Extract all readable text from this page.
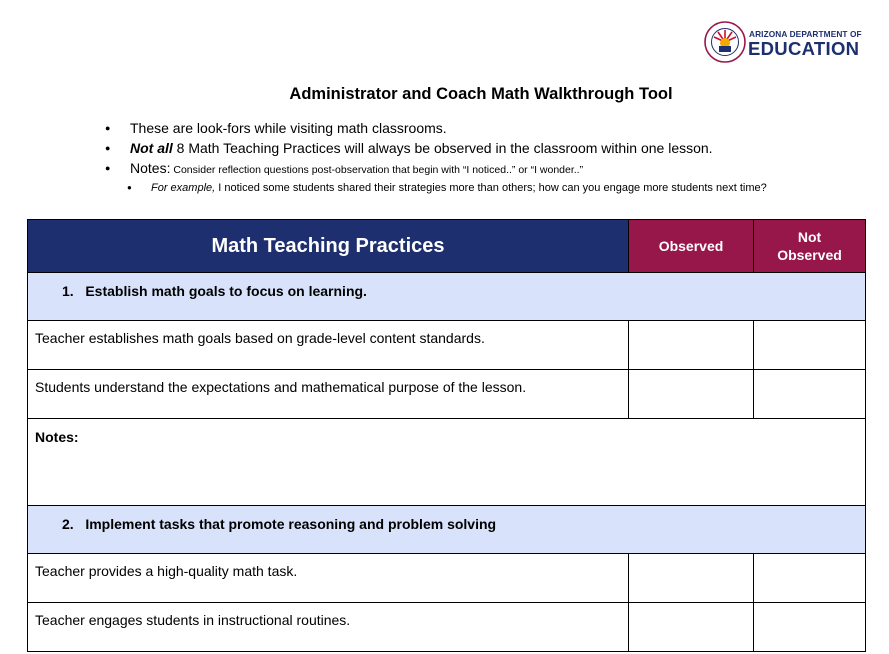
ARIZONA DEPARTMENT OF
EDUCATION
Administrator and Coach Math Walkthrough Tool
● These are look-fors while visiting math classrooms.
● Not all 8 Math Teaching Practices will always be observed in the classroom within one lesson.
● Notes: Consider reflection questions post-observation that begin with “I noticed..” or “I wonder..”
● For example, I noticed some students shared their strategies more than others; how can you engage more students next time?
Math Teaching Practices	Observed	Not
Observed
1.   Establish math goals to focus on learning.		

Teacher establishes math goals based on grade-level content standards.		

Students understand the expectations and mathematical purpose of the lesson.		

Notes:		

2.   Implement tasks that promote reasoning and problem solving		

Teacher provides a high-quality math task.		

Teacher engages students in instructional routines.		
